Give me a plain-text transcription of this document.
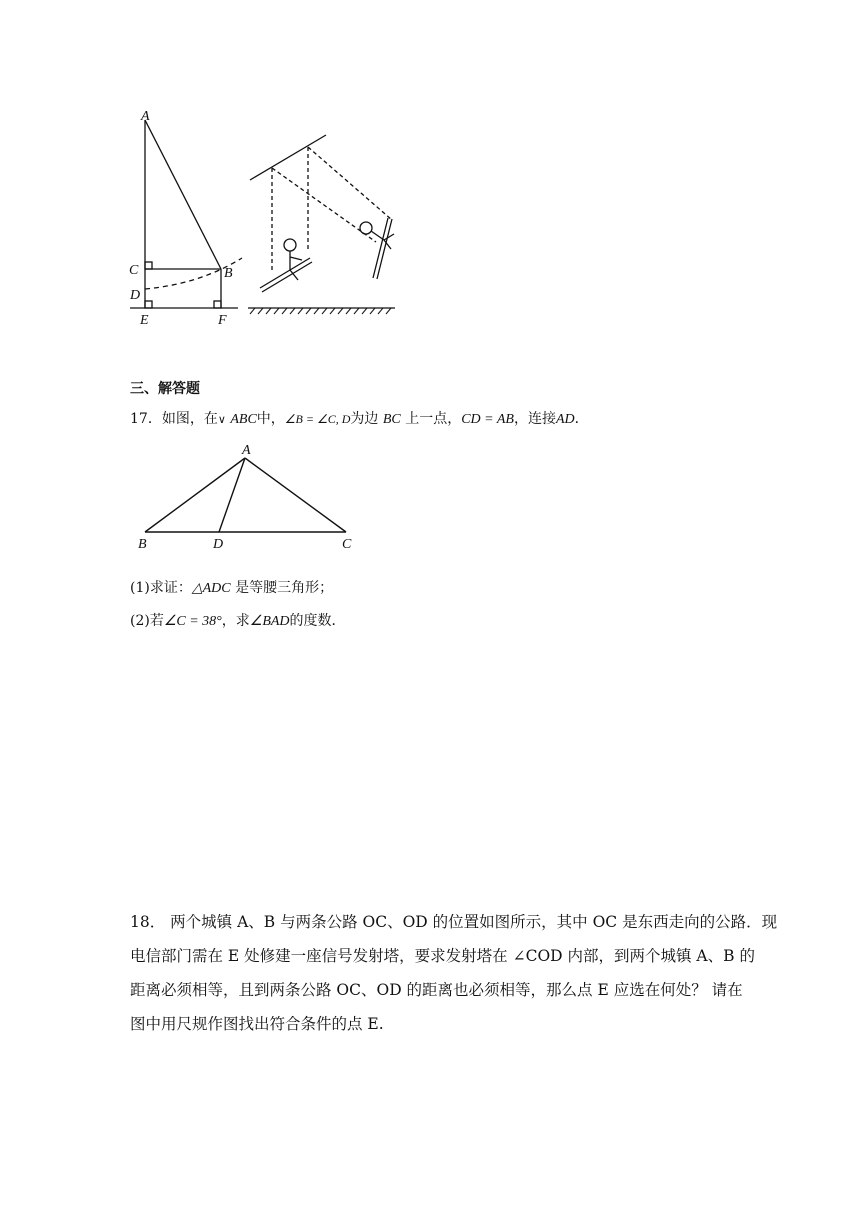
A
C	B
D
E	F
三、解答题
17．如图，在∨ ABC中，∠B = ∠C, D为边 BC 上一点，CD = AB，连接AD．
A
B	D	C
(1)求证：△ADC 是等腰三角形；
(2)若∠C = 38°，求∠BAD的度数．
18． 两个城镇 A、B 与两条公路 OC、OD 的位置如图所示，其中 OC 是东西走向的公路．现
电信部门需在 E 处修建一座信号发射塔，要求发射塔在 ∠COD 内部，到两个城镇 A、B 的
距离必须相等，且到两条公路 OC、OD 的距离也必须相等，那么点 E 应选在何处？ 请在
图中用尺规作图找出符合条件的点 E.
